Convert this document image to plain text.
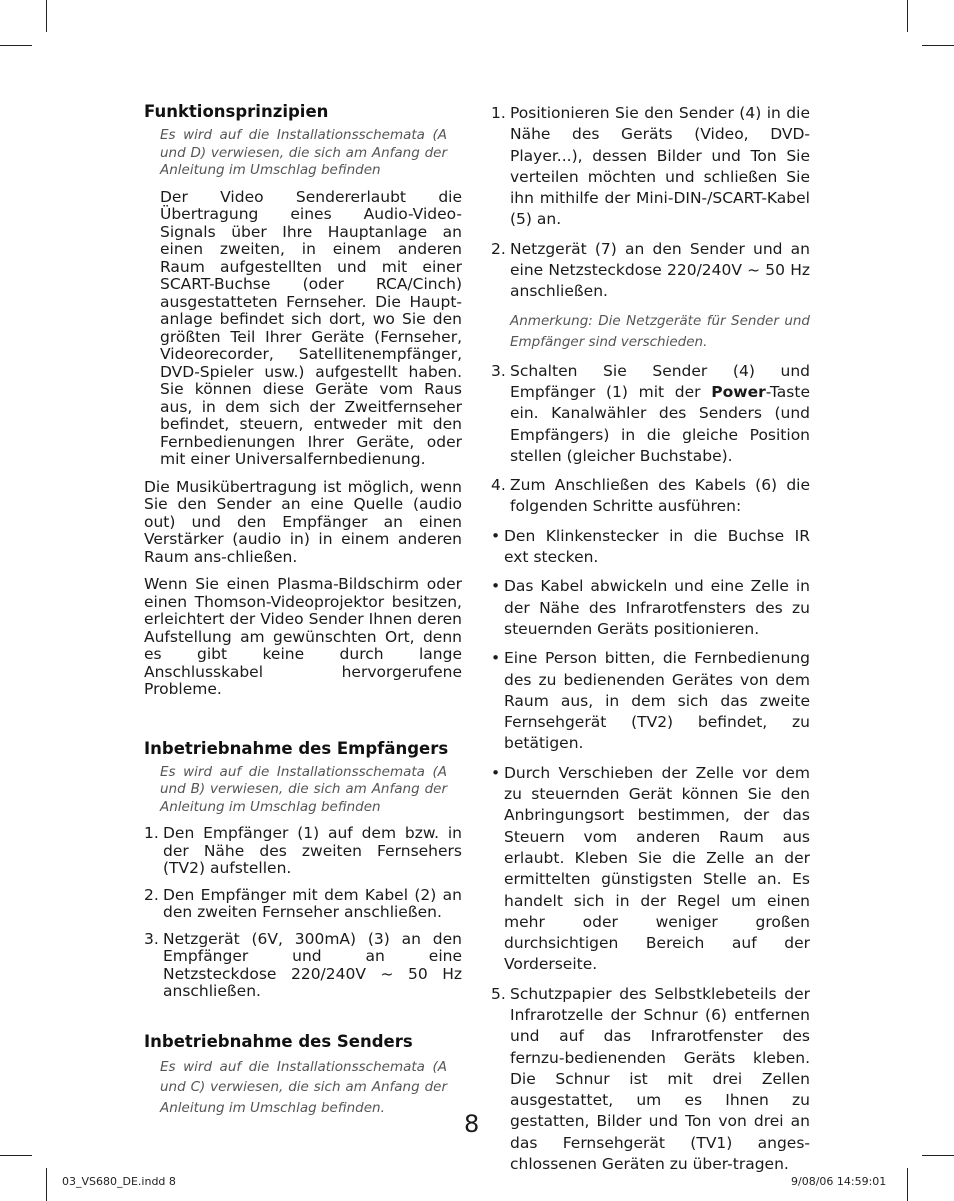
Funktionsprinzipien
Es wird auf die Installationsschemata (A und D) verwiesen, die sich am Anfang der Anleitung im Umschlag befinden

Der Video Sendererlaubt die Übertragung eines Audio-Video-Signals über Ihre Hauptanlage an einen zweiten, in einem anderen Raum aufgestellten und mit einer SCART-Buchse (oder RCA/Cinch) ausgestatteten Fernseher. Die Haupt-anlage befindet sich dort, wo Sie den größten Teil Ihrer Geräte (Fernseher, Videorecorder, Satellitenempfänger, DVD-Spieler usw.) aufgestellt haben. Sie können diese Geräte vom Raus aus, in dem sich der Zweitfernseher befindet, steuern, entweder mit den Fernbedienungen Ihrer Geräte, oder mit einer Universalfernbedienung.

Die Musikübertragung ist möglich, wenn Sie den Sender an eine Quelle (audio out) und den Empfänger an einen Verstärker (audio in) in einem anderen Raum ans-chließen.

Wenn Sie einen Plasma-Bildschirm oder einen Thomson-Videoprojektor besitzen, erleichtert der Video Sender Ihnen deren Aufstellung am gewünschten Ort, denn es gibt keine durch lange Anschlusskabel hervorgerufene Probleme.

Inbetriebnahme des Empfängers
Es wird auf die Installationsschemata (A und B) verwiesen, die sich am Anfang der Anleitung im Umschlag befinden
1. Den Empfänger (1) auf dem bzw. in der Nähe des zweiten Fernsehers (TV2) aufstellen.
2. Den Empfänger mit dem Kabel (2) an den zweiten Fernseher anschließen.
3. Netzgerät (6V, 300mA) (3) an den Empfänger und an eine Netzsteckdose 220/240V ~ 50 Hz anschließen.
Inbetriebnahme des Senders
Es wird auf die Installationsschemata (A und C) verwiesen, die sich am Anfang der Anleitung im Umschlag befinden.
1. Positionieren Sie den Sender (4) in die Nähe des Geräts (Video, DVD-Player...), dessen Bilder und Ton Sie verteilen möchten und schließen Sie ihn mithilfe der Mini-DIN-/SCART-Kabel (5) an.
2. Netzgerät (7) an den Sender und an eine Netzsteckdose 220/240V ~ 50 Hz anschließen.
Anmerkung: Die Netzgeräte für Sender und Empfänger sind verschieden.
3. Schalten Sie Sender (4) und Empfänger (1) mit der Power-Taste ein. Kanalwähler des Senders (und Empfängers) in die gleiche Position stellen (gleicher Buchstabe).
4. Zum Anschließen des Kabels (6) die folgenden Schritte ausführen:
• Den Klinkenstecker in die Buchse IR ext stecken.
• Das Kabel abwickeln und eine Zelle in der Nähe des Infrarotfensters des zu steuernden Geräts positionieren.
• Eine Person bitten, die Fernbedienung des zu bedienenden Gerätes von dem Raum aus, in dem sich das zweite Fernsehgerät (TV2) befindet, zu betätigen.
• Durch Verschieben der Zelle vor dem zu steuernden Gerät können Sie den Anbringungsort bestimmen, der das Steuern vom anderen Raum aus erlaubt. Kleben Sie die Zelle an der ermittelten günstigsten Stelle an. Es handelt sich in der Regel um einen mehr oder weniger großen durchsichtigen Bereich auf der Vorderseite.
5. Schutzpapier des Selbstklebeteils der Infrarotzelle der Schnur (6) entfernen und auf das Infrarotfenster des fernzu-bedienenden Geräts kleben. Die Schnur ist mit drei Zellen ausgestattet, um es Ihnen zu gestatten, Bilder und Ton von drei an das Fernsehgerät (TV1) anges-chlossenen Geräten zu über-tragen.
8
03_VS680_DE.indd 8	9/08/06 14:59:01
